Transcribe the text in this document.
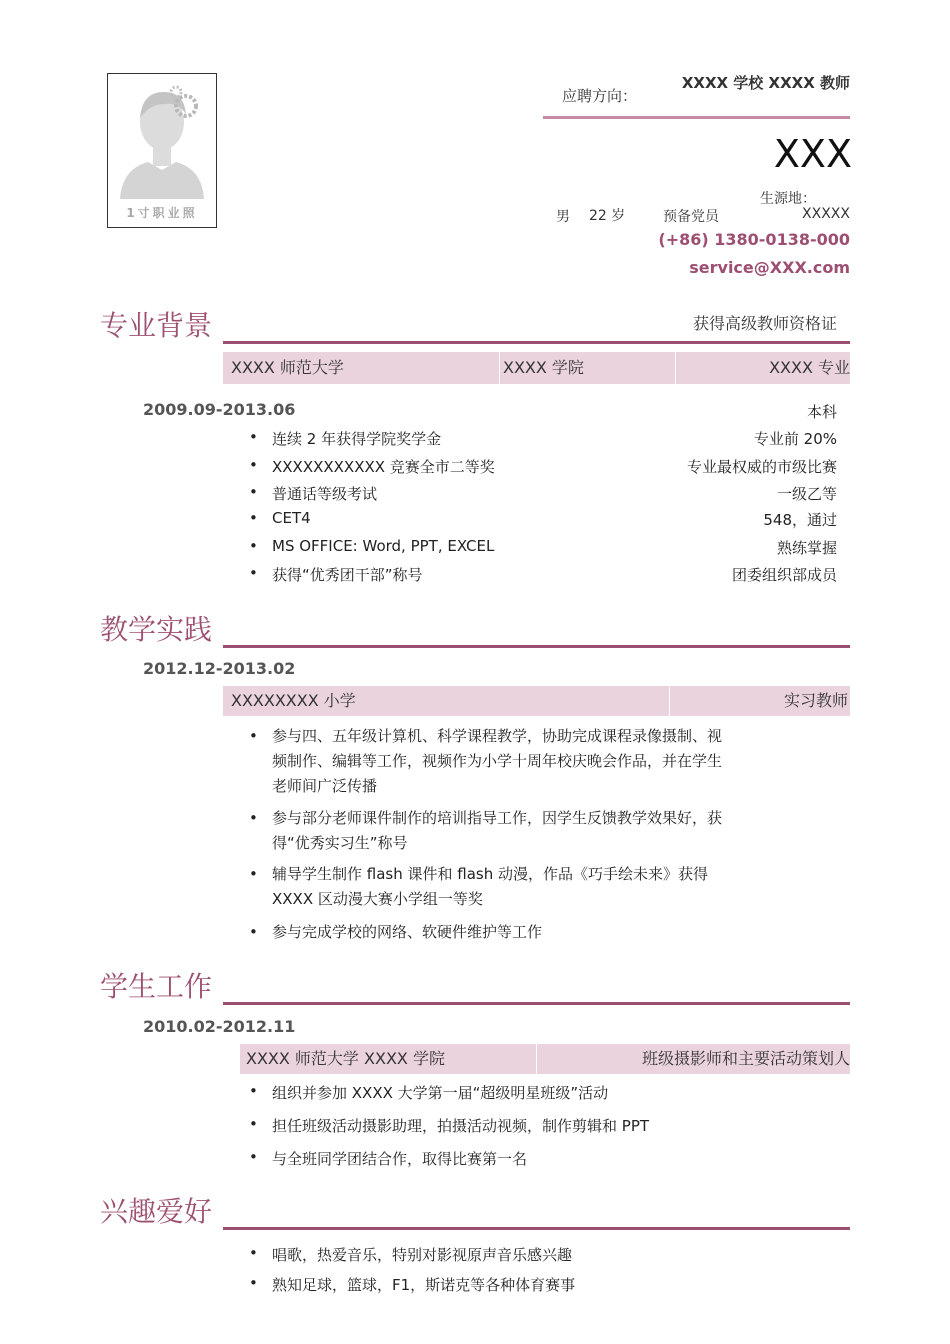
1寸职业照
应聘方向：
XXXX 学校 XXXX 教师
XXX
生源地：
男 22 岁	预备党员	XXXXX
(+86) 1380-0138-000
service@XXX.com
专业背景	获得高级教师资格证
XXXX 师范大学	XXXX 学院	XXXX 专业
2009.09-2013.06	本科
• 连续 2 年获得学院奖学金	专业前 20%
• XXXXXXXXXXX 竞赛全市二等奖	专业最权威的市级比赛
• 普通话等级考试	一级乙等
• CET4	548，通过
• MS OFFICE: Word, PPT, EXCEL	熟练掌握
• 获得“优秀团干部”称号	团委组织部成员
教学实践
2012.12-2013.02
XXXXXXXX 小学	实习教师
• 参与四、五年级计算机、科学课程教学，协助完成课程录像摄制、视
频制作、编辑等工作，视频作为小学十周年校庆晚会作品，并在学生
老师间广泛传播
• 参与部分老师课件制作的培训指导工作，因学生反馈教学效果好，获
得“优秀实习生”称号
• 辅导学生制作 flash 课件和 flash 动漫，作品《巧手绘未来》获得
XXXX 区动漫大赛小学组一等奖
• 参与完成学校的网络、软硬件维护等工作
学生工作
2010.02-2012.11
XXXX 师范大学 XXXX 学院	班级摄影师和主要活动策划人
• 组织并参加 XXXX 大学第一届“超级明星班级”活动
• 担任班级活动摄影助理，拍摄活动视频，制作剪辑和 PPT
• 与全班同学团结合作，取得比赛第一名
兴趣爱好
• 唱歌，热爱音乐，特别对影视原声音乐感兴趣
• 熟知足球，篮球，F1，斯诺克等各种体育赛事
